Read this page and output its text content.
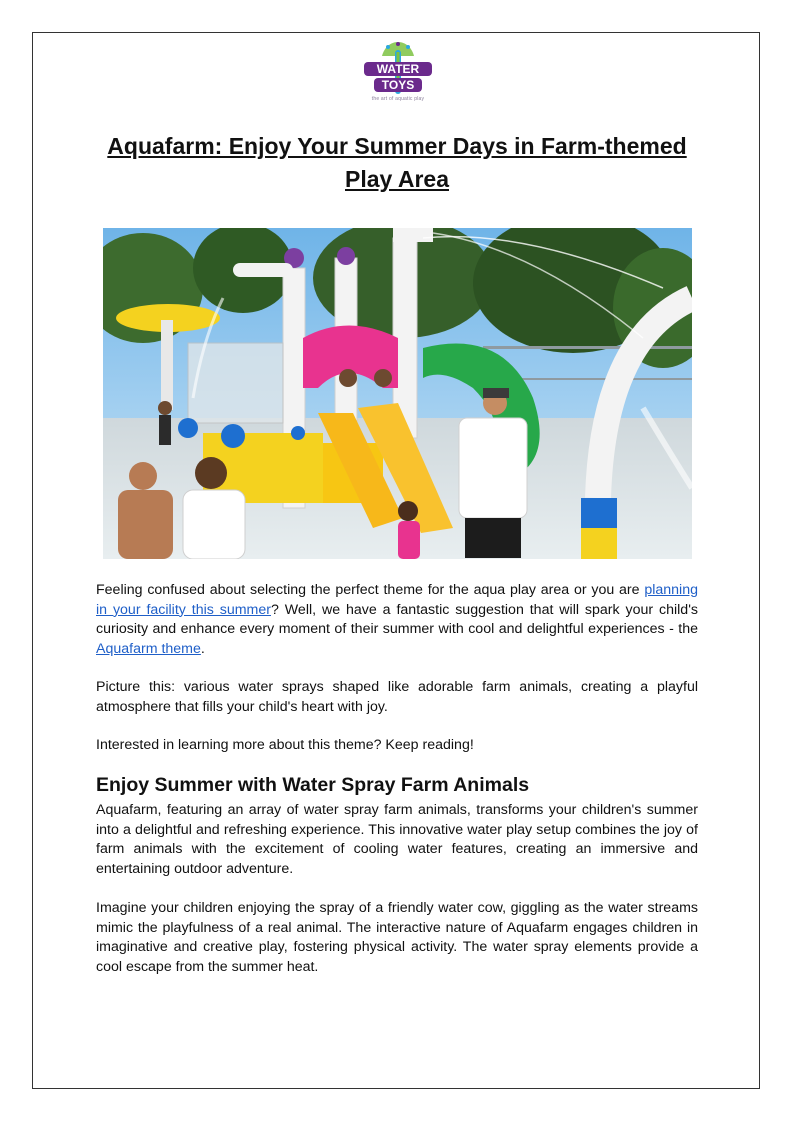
WATER
TOYS
the art of aquatic play
Aquafarm: Enjoy Your Summer Days in Farm-themed Play Area

Feeling confused about selecting the perfect theme for the aqua play area or you are planning in your facility this summer? Well, we have a fantastic suggestion that will spark your child's curiosity and enhance every moment of their summer with cool and delightful experiences - the Aquafarm theme.

Picture this: various water sprays shaped like adorable farm animals, creating a playful atmosphere that fills your child's heart with joy.

Interested in learning more about this theme? Keep reading!

Enjoy Summer with Water Spray Farm Animals

Aquafarm, featuring an array of water spray farm animals, transforms your children's summer into a delightful and refreshing experience. This innovative water play setup combines the joy of farm animals with the excitement of cooling water features, creating an immersive and entertaining outdoor adventure.

Imagine your children enjoying the spray of a friendly water cow, giggling as the water streams mimic the playfulness of a real animal. The interactive nature of Aquafarm engages children in imaginative and creative play, fostering physical activity. The water spray elements provide a cool escape from the summer heat.
